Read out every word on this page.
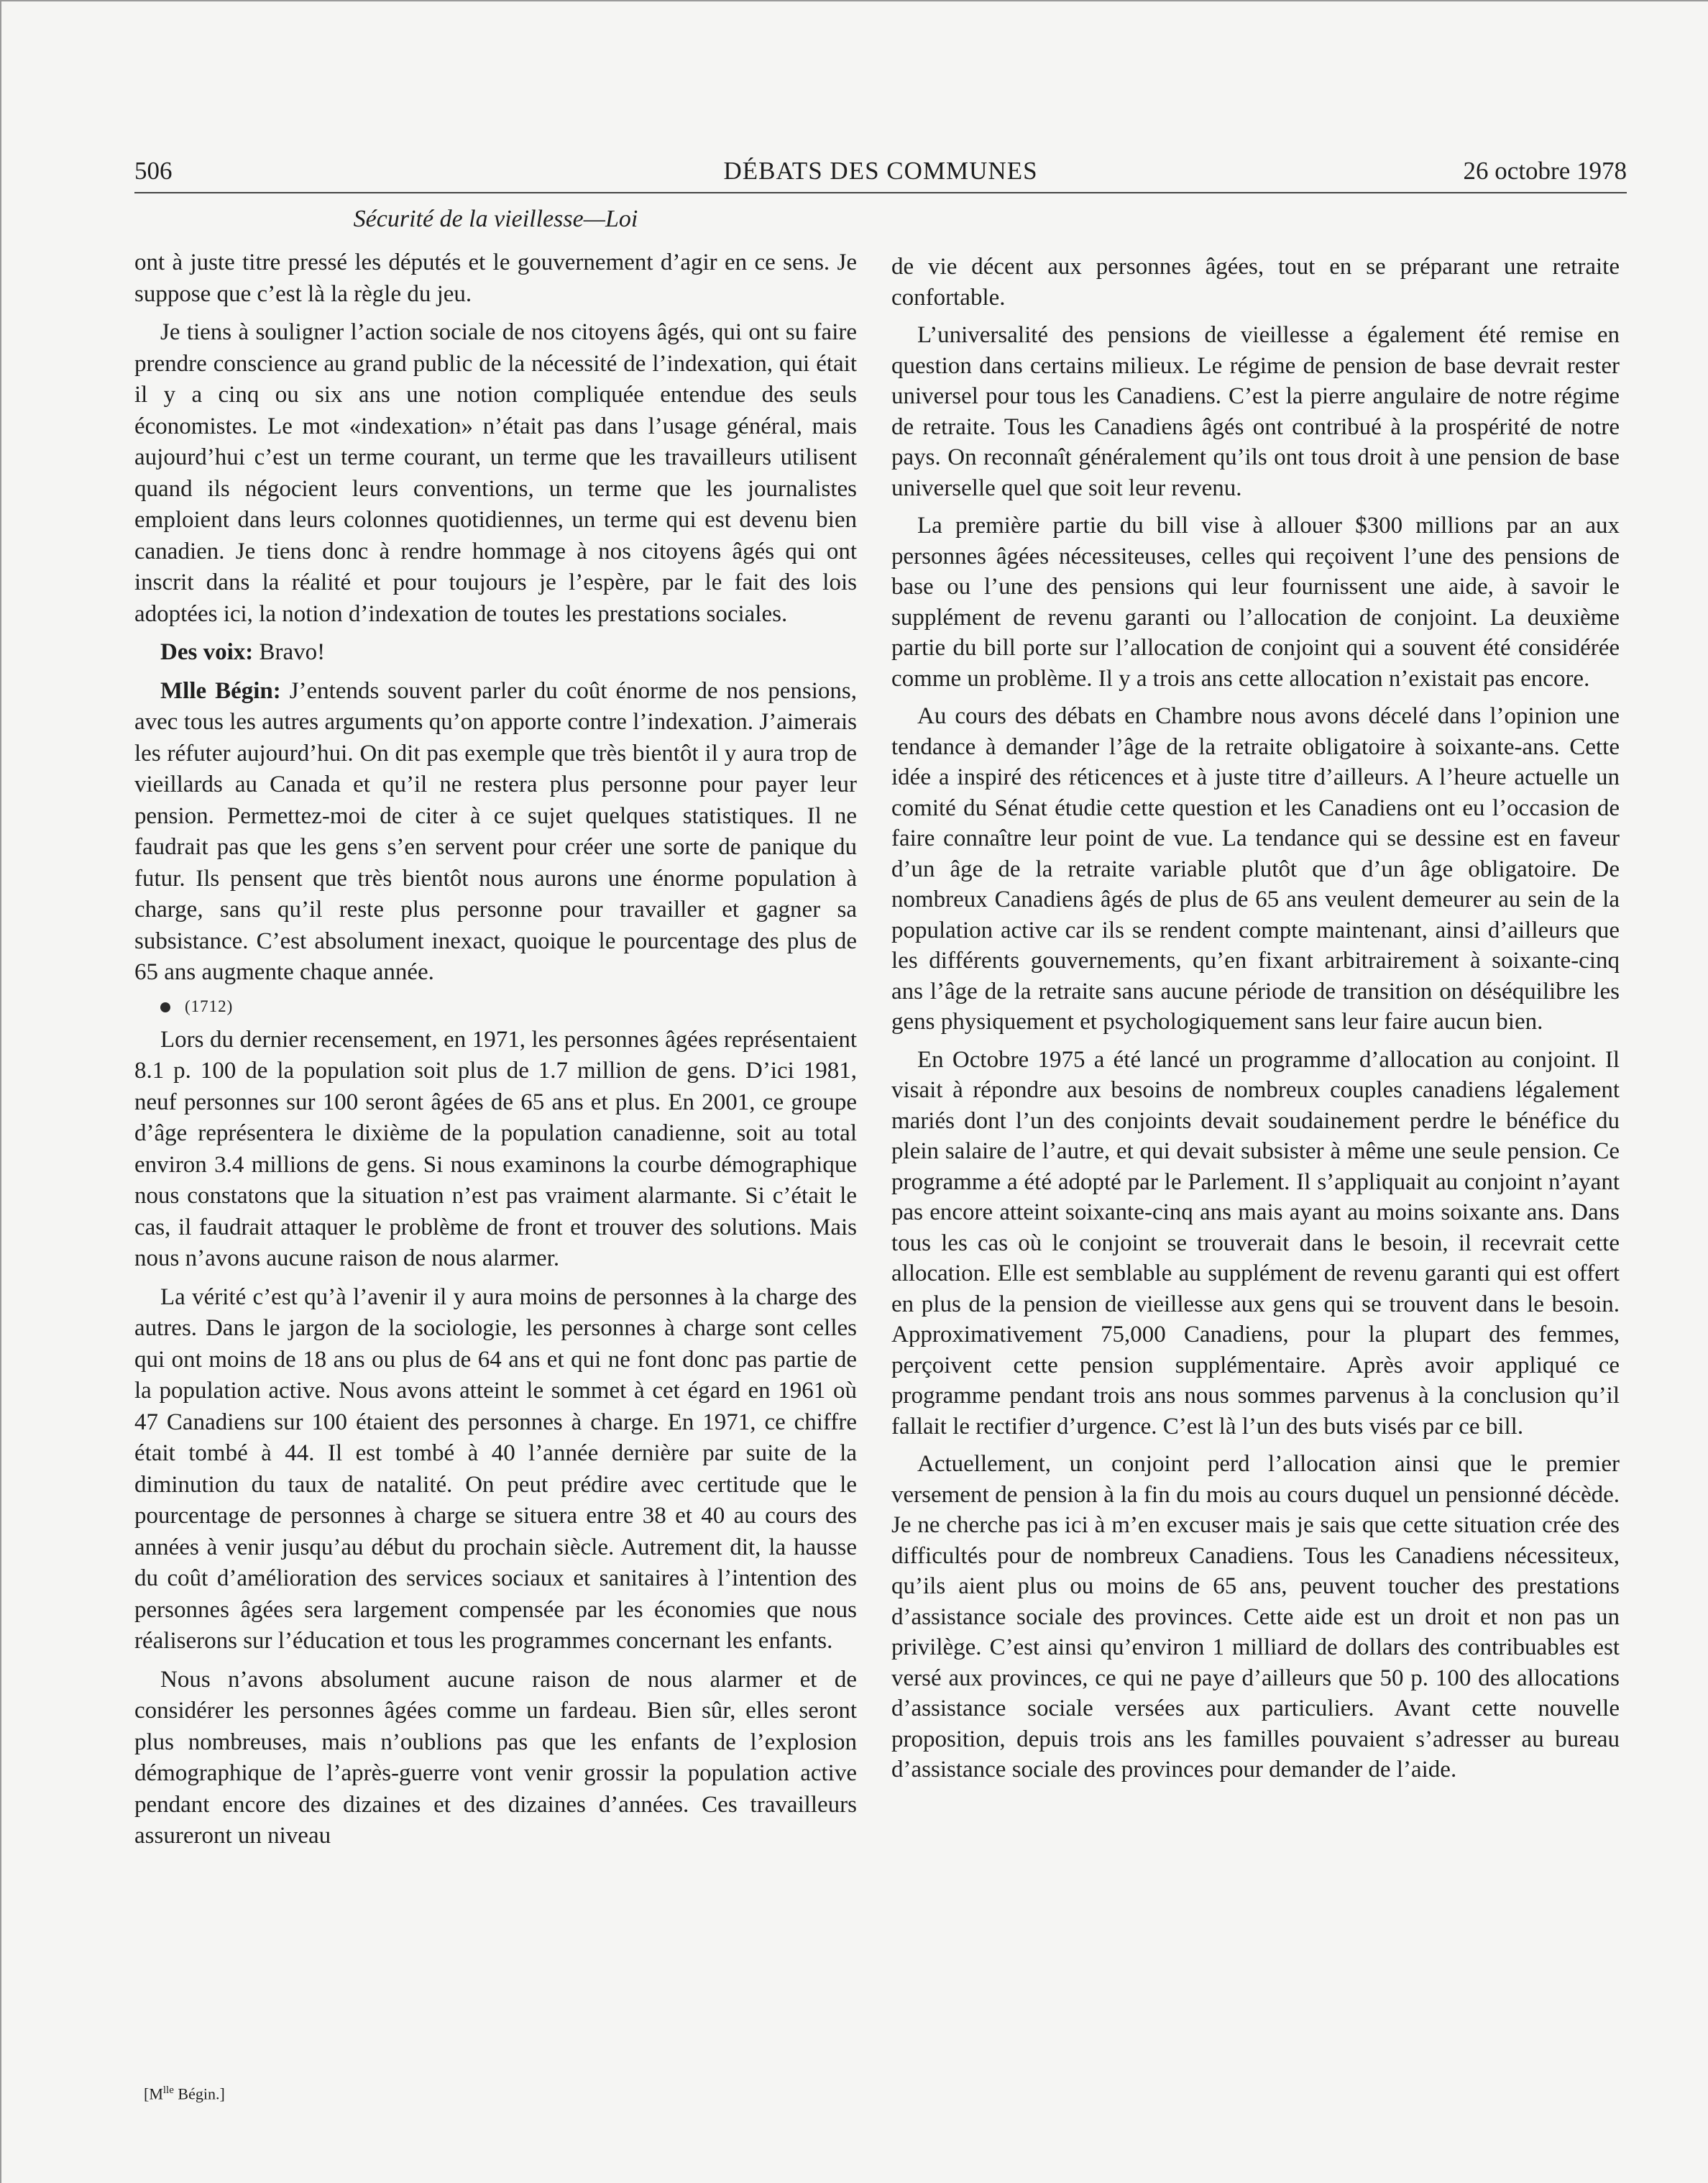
506	DÉBATS DES COMMUNES	26 octobre 1978
Sécurité de la vieillesse—Loi

ont à juste titre pressé les députés et le gouvernement d’agir en ce sens. Je suppose que c’est là la règle du jeu.

Je tiens à souligner l’action sociale de nos citoyens âgés, qui ont su faire prendre conscience au grand public de la nécessité de l’indexation, qui était il y a cinq ou six ans une notion compliquée entendue des seuls économistes. Le mot «indexation» n’était pas dans l’usage général, mais aujourd’hui c’est un terme courant, un terme que les travailleurs utilisent quand ils négocient leurs conventions, un terme que les journalistes emploient dans leurs colonnes quotidiennes, un terme qui est devenu bien canadien. Je tiens donc à rendre hommage à nos citoyens âgés qui ont inscrit dans la réalité et pour toujours je l’espère, par le fait des lois adoptées ici, la notion d’indexation de toutes les prestations sociales.

Des voix: Bravo!

Mlle Bégin: J’entends souvent parler du coût énorme de nos pensions, avec tous les autres arguments qu’on apporte contre l’indexation. J’aimerais les réfuter aujourd’hui. On dit pas exemple que très bientôt il y aura trop de vieillards au Canada et qu’il ne restera plus personne pour payer leur pension. Permettez-moi de citer à ce sujet quelques statistiques. Il ne faudrait pas que les gens s’en servent pour créer une sorte de panique du futur. Ils pensent que très bientôt nous aurons une énorme population à charge, sans qu’il reste plus personne pour travailler et gagner sa subsistance. C’est absolument inexact, quoique le pourcentage des plus de 65 ans augmente chaque année.

(1712)

Lors du dernier recensement, en 1971, les personnes âgées représentaient 8.1 p. 100 de la population soit plus de 1.7 million de gens. D’ici 1981, neuf personnes sur 100 seront âgées de 65 ans et plus. En 2001, ce groupe d’âge représentera le dixième de la population canadienne, soit au total environ 3.4 millions de gens. Si nous examinons la courbe démographique nous constatons que la situation n’est pas vraiment alarmante. Si c’était le cas, il faudrait attaquer le problème de front et trouver des solutions. Mais nous n’avons aucune raison de nous alarmer.

La vérité c’est qu’à l’avenir il y aura moins de personnes à la charge des autres. Dans le jargon de la sociologie, les personnes à charge sont celles qui ont moins de 18 ans ou plus de 64 ans et qui ne font donc pas partie de la population active. Nous avons atteint le sommet à cet égard en 1961 où 47 Canadiens sur 100 étaient des personnes à charge. En 1971, ce chiffre était tombé à 44. Il est tombé à 40 l’année dernière par suite de la diminution du taux de natalité. On peut prédire avec certitude que le pourcentage de personnes à charge se situera entre 38 et 40 au cours des années à venir jusqu’au début du prochain siècle. Autrement dit, la hausse du coût d’amélioration des services sociaux et sanitaires à l’intention des personnes âgées sera largement compensée par les économies que nous réaliserons sur l’éducation et tous les programmes concernant les enfants.

Nous n’avons absolument aucune raison de nous alarmer et de considérer les personnes âgées comme un fardeau. Bien sûr, elles seront plus nombreuses, mais n’oublions pas que les enfants de l’explosion démographique de l’après-guerre vont venir grossir la population active pendant encore des dizaines et des dizaines d’années. Ces travailleurs assureront un niveau

de vie décent aux personnes âgées, tout en se préparant une retraite confortable.

L’universalité des pensions de vieillesse a également été remise en question dans certains milieux. Le régime de pension de base devrait rester universel pour tous les Canadiens. C’est la pierre angulaire de notre régime de retraite. Tous les Canadiens âgés ont contribué à la prospérité de notre pays. On reconnaît généralement qu’ils ont tous droit à une pension de base universelle quel que soit leur revenu.

La première partie du bill vise à allouer $300 millions par an aux personnes âgées nécessiteuses, celles qui reçoivent l’une des pensions de base ou l’une des pensions qui leur fournissent une aide, à savoir le supplément de revenu garanti ou l’allocation de conjoint. La deuxième partie du bill porte sur l’allocation de conjoint qui a souvent été considérée comme un problème. Il y a trois ans cette allocation n’existait pas encore.

Au cours des débats en Chambre nous avons décelé dans l’opinion une tendance à demander l’âge de la retraite obligatoire à soixante-ans. Cette idée a inspiré des réticences et à juste titre d’ailleurs. A l’heure actuelle un comité du Sénat étudie cette question et les Canadiens ont eu l’occasion de faire connaître leur point de vue. La tendance qui se dessine est en faveur d’un âge de la retraite variable plutôt que d’un âge obligatoire. De nombreux Canadiens âgés de plus de 65 ans veulent demeurer au sein de la population active car ils se rendent compte maintenant, ainsi d’ailleurs que les différents gouvernements, qu’en fixant arbitrairement à soixante-cinq ans l’âge de la retraite sans aucune période de transition on déséquilibre les gens physiquement et psychologiquement sans leur faire aucun bien.

En Octobre 1975 a été lancé un programme d’allocation au conjoint. Il visait à répondre aux besoins de nombreux couples canadiens légalement mariés dont l’un des conjoints devait soudainement perdre le bénéfice du plein salaire de l’autre, et qui devait subsister à même une seule pension. Ce programme a été adopté par le Parlement. Il s’appliquait au conjoint n’ayant pas encore atteint soixante-cinq ans mais ayant au moins soixante ans. Dans tous les cas où le conjoint se trouverait dans le besoin, il recevrait cette allocation. Elle est semblable au supplément de revenu garanti qui est offert en plus de la pension de vieillesse aux gens qui se trouvent dans le besoin. Approximativement 75,000 Canadiens, pour la plupart des femmes, perçoivent cette pension supplémentaire. Après avoir appliqué ce programme pendant trois ans nous sommes parvenus à la conclusion qu’il fallait le rectifier d’urgence. C’est là l’un des buts visés par ce bill.

Actuellement, un conjoint perd l’allocation ainsi que le premier versement de pension à la fin du mois au cours duquel un pensionné décède. Je ne cherche pas ici à m’en excuser mais je sais que cette situation crée des difficultés pour de nombreux Canadiens. Tous les Canadiens nécessiteux, qu’ils aient plus ou moins de 65 ans, peuvent toucher des prestations d’assistance sociale des provinces. Cette aide est un droit et non pas un privilège. C’est ainsi qu’environ 1 milliard de dollars des contribuables est versé aux provinces, ce qui ne paye d’ailleurs que 50 p. 100 des allocations d’assistance sociale versées aux particuliers. Avant cette nouvelle proposition, depuis trois ans les familles pouvaient s’adresser au bureau d’assistance sociale des provinces pour demander de l’aide.

[$M^{lle}$ Bégin.]
